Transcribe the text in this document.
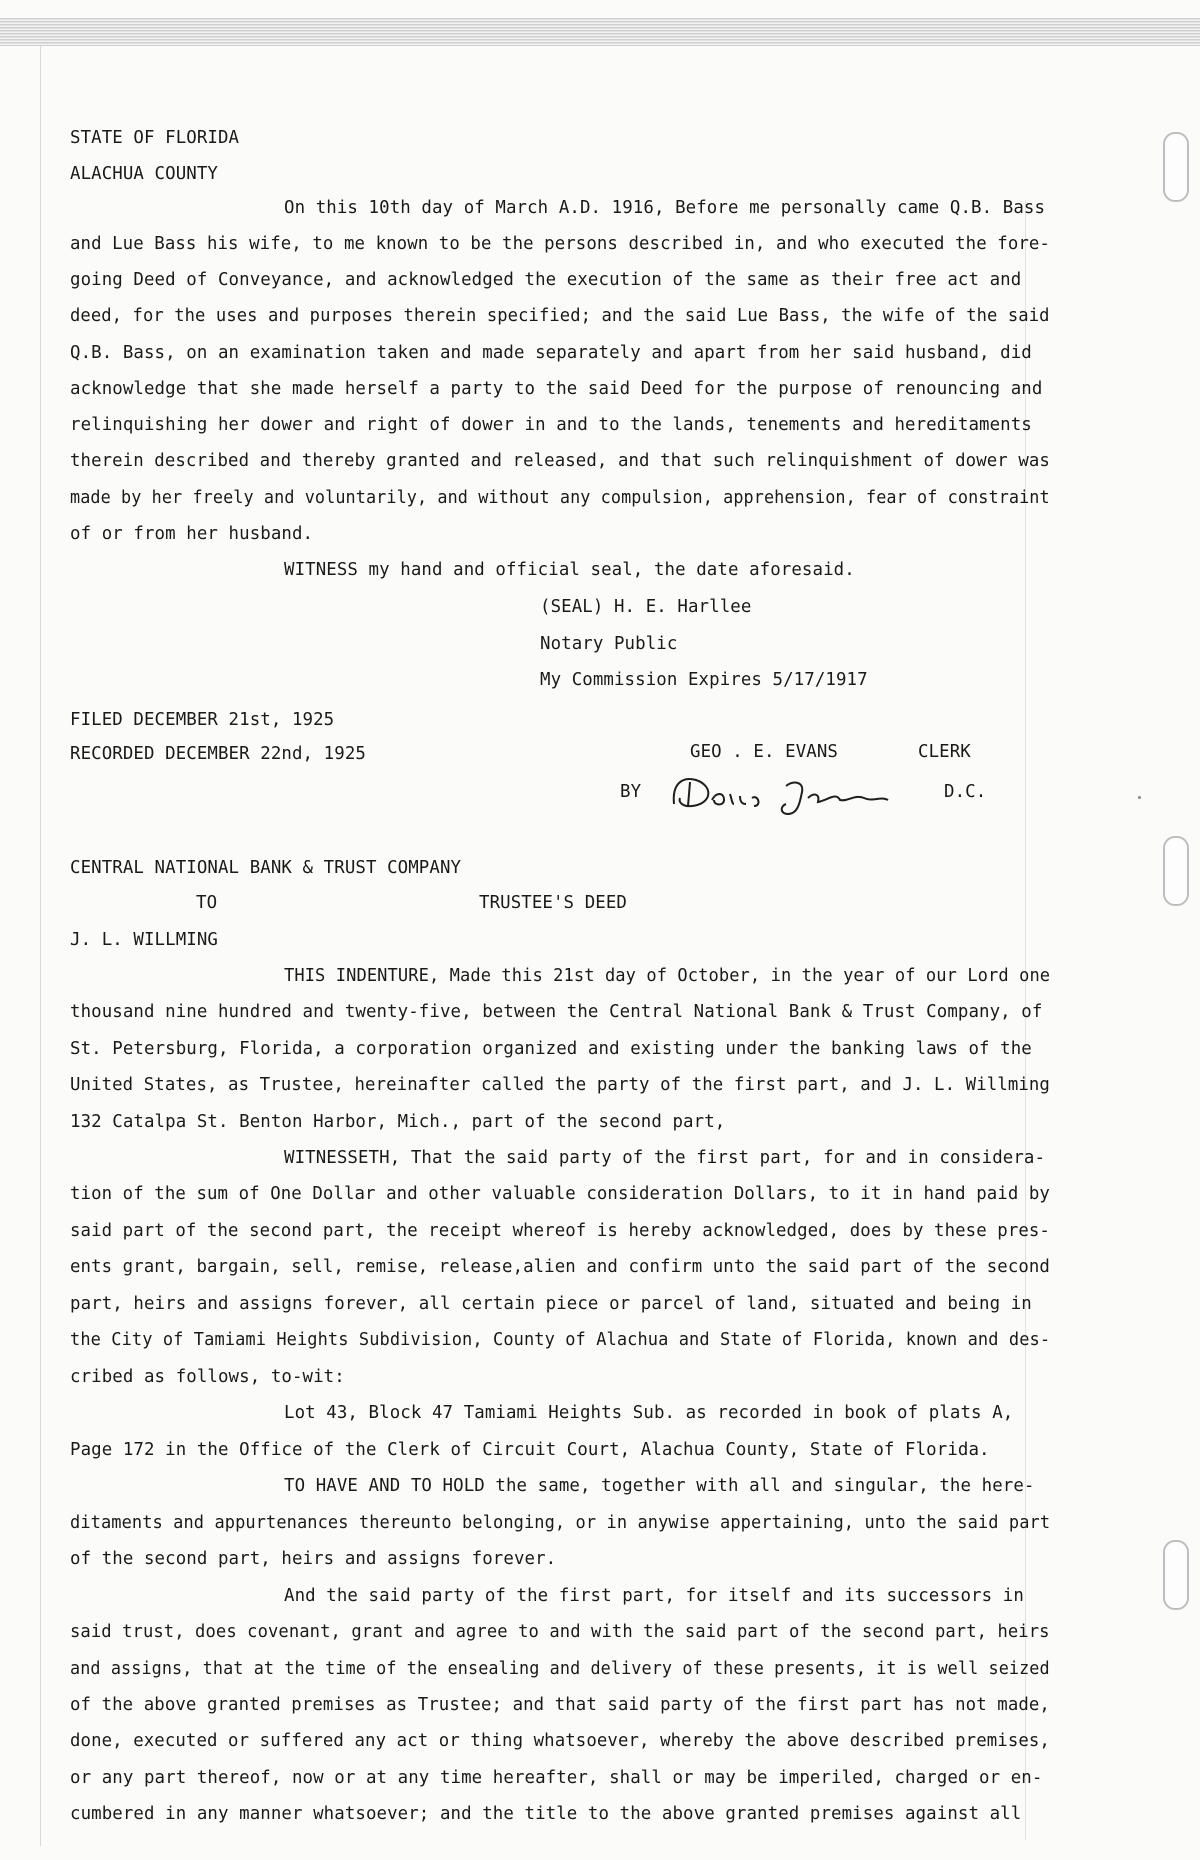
STATE OF FLORIDA
ALACHUA COUNTY
On this 10th day of March A.D. 1916, Before me personally came Q.B. Bass
and Lue Bass his wife, to me known to be the persons described in, and who executed the fore-
going Deed of Conveyance, and acknowledged the execution of the same as their free act and
deed, for the uses and purposes therein specified; and the said Lue Bass, the wife of the said
Q.B. Bass, on an examination taken and made separately and apart from her said husband, did
acknowledge that she made herself a party to the said Deed for the purpose of renouncing and
relinquishing her dower and right of dower in and to the lands, tenements and hereditaments
therein described and thereby granted and released, and that such relinquishment of dower was
made by her freely and voluntarily, and without any compulsion, apprehension, fear of constraint
of or from her husband.
WITNESS my hand and official seal, the date aforesaid.
(SEAL) H. E. Harllee
Notary Public
My Commission Expires 5/17/1917
FILED DECEMBER 21st, 1925
RECORDED DECEMBER 22nd, 1925	GEO . E. EVANS	CLERK
BY	D.C.
CENTRAL NATIONAL BANK & TRUST COMPANY
TO	TRUSTEE'S DEED
J. L. WILLMING
THIS INDENTURE, Made this 21st day of October, in the year of our Lord one
thousand nine hundred and twenty-five, between the Central National Bank & Trust Company, of
St. Petersburg, Florida, a corporation organized and existing under the banking laws of the
United States, as Trustee, hereinafter called the party of the first part, and J. L. Willming
132 Catalpa St. Benton Harbor, Mich., part of the second part,
WITNESSETH, That the said party of the first part, for and in considera-
tion of the sum of One Dollar and other valuable consideration Dollars, to it in hand paid by
said part of the second part, the receipt whereof is hereby acknowledged, does by these pres-
ents grant, bargain, sell, remise, release,alien and confirm unto the said part of the second
part, heirs and assigns forever, all certain piece or parcel of land, situated and being in
the City of Tamiami Heights Subdivision, County of Alachua and State of Florida, known and des-
cribed as follows, to-wit:
Lot 43, Block 47 Tamiami Heights Sub. as recorded in book of plats A,
Page 172 in the Office of the Clerk of Circuit Court, Alachua County, State of Florida.
TO HAVE AND TO HOLD the same, together with all and singular, the here-
ditaments and appurtenances thereunto belonging, or in anywise appertaining, unto the said part
of the second part, heirs and assigns forever.
And the said party of the first part, for itself and its successors in
said trust, does covenant, grant and agree to and with the said part of the second part, heirs
and assigns, that at the time of the ensealing and delivery of these presents, it is well seized
of the above granted premises as Trustee; and that said party of the first part has not made,
done, executed or suffered any act or thing whatsoever, whereby the above described premises,
or any part thereof, now or at any time hereafter, shall or may be imperiled, charged or en-
cumbered in any manner whatsoever; and the title to the above granted premises against all
